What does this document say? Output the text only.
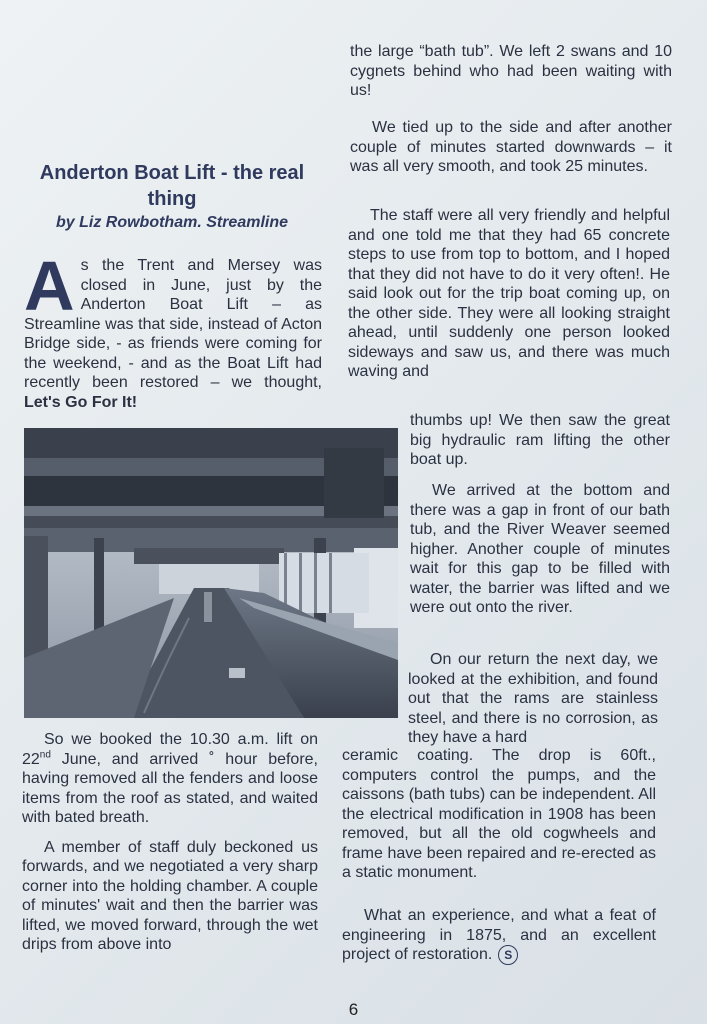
Anderton Boat Lift - the real thing
by Liz Rowbotham. Streamline

As the Trent and Mersey was closed in June, just by the Anderton Boat Lift – as Streamline was that side, instead of Acton Bridge side, - as friends were coming for the weekend, - and as the Boat Lift had recently been restored – we thought, Let's Go For It!

So we booked the 10.30 a.m. lift on 22nd June, and arrived ˚ hour before, having removed all the fenders and loose items from the roof as stated, and waited with bated breath.

A member of staff duly beckoned us forwards, and we negotiated a very sharp corner into the holding chamber. A couple of minutes' wait and then the barrier was lifted, we moved forward, through the wet drips from above into

the large “bath tub”. We left 2 swans and 10 cygnets behind who had been waiting with us!

We tied up to the side and after another couple of minutes started downwards – it was all very smooth, and took 25 minutes.

The staff were all very friendly and helpful and one told me that they had 65 concrete steps to use from top to bottom, and I hoped that they did not have to do it very often!. He said look out for the trip boat coming up, on the other side. They were all looking straight ahead, until suddenly one person looked sideways and saw us, and there was much waving and

thumbs up! We then saw the great big hydraulic ram lifting the other boat up.

We arrived at the bottom and there was a gap in front of our bath tub, and the River Weaver seemed higher. Another couple of minutes wait for this gap to be filled with water, the barrier was lifted and we were out onto the river.

On our return the next day, we looked at the exhibition, and found out that the rams are stainless steel, and there is no corrosion, as they have a hard

ceramic coating. The drop is 60ft., computers control the pumps, and the caissons (bath tubs) can be independent. All the electrical modification in 1908 has been removed, but all the old cogwheels and frame have been repaired and re-erected as a static monument.

What an experience, and what a feat of engineering in 1875, and an excellent project of restoration. S

6
